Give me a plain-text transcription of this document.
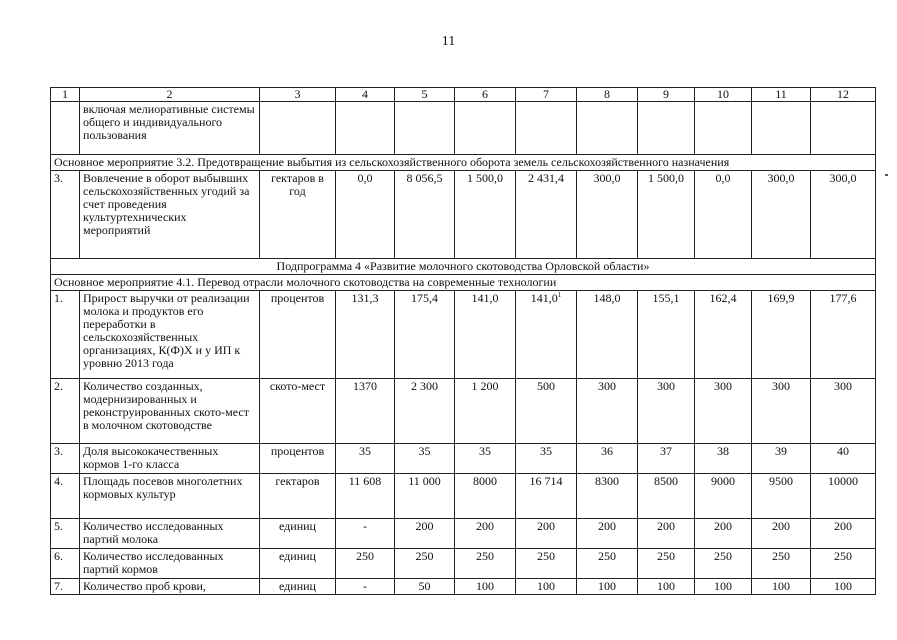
11
1	2	3	4	5	6	7	8	9	10	11	12
	включая мелиоративные системы общего и индивидуального пользования										
Основное мероприятие 3.2. Предотвращение выбытия из сельскохозяйственного оборота земель сельскохозяйственного назначения											
3.	Вовлечение в оборот выбывших сельскохозяйственных угодий за счет проведения культуртехнических мероприятий	гектаров в год	0,0	8 056,5	1 500,0	2 431,4	300,0	1 500,0	0,0	300,0	300,0
Подпрограмма 4 «Развитие молочного скотоводства Орловской области»											
Основное мероприятие 4.1. Перевод отрасли молочного скотоводства на современные технологии											
1.	Прирост выручки от реализации молока и продуктов его переработки в сельскохозяйственных организациях, К(Ф)Х и у ИП к уровню 2013 года	процентов	131,3	175,4	141,0	141,0$^1$	148,0	155,1	162,4	169,9	177,6
2.	Количество созданных, модернизированных и реконструированных ското-мест в молочном скотоводстве	ското-мест	1370	2 300	1 200	500	300	300	300	300	300
3.	Доля высококачественных кормов 1-го класса	процентов	35	35	35	35	36	37	38	39	40
4.	Площадь посевов многолетних кормовых культур	гектаров	11 608	11 000	8000	16 714	8300	8500	9000	9500	10000
5.	Количество исследованных партий молока	единиц	-	200	200	200	200	200	200	200	200
6.	Количество исследованных партий кормов	единиц	250	250	250	250	250	250	250	250	250
7.	Количество проб крови,	единиц	-	50	100	100	100	100	100	100	100
